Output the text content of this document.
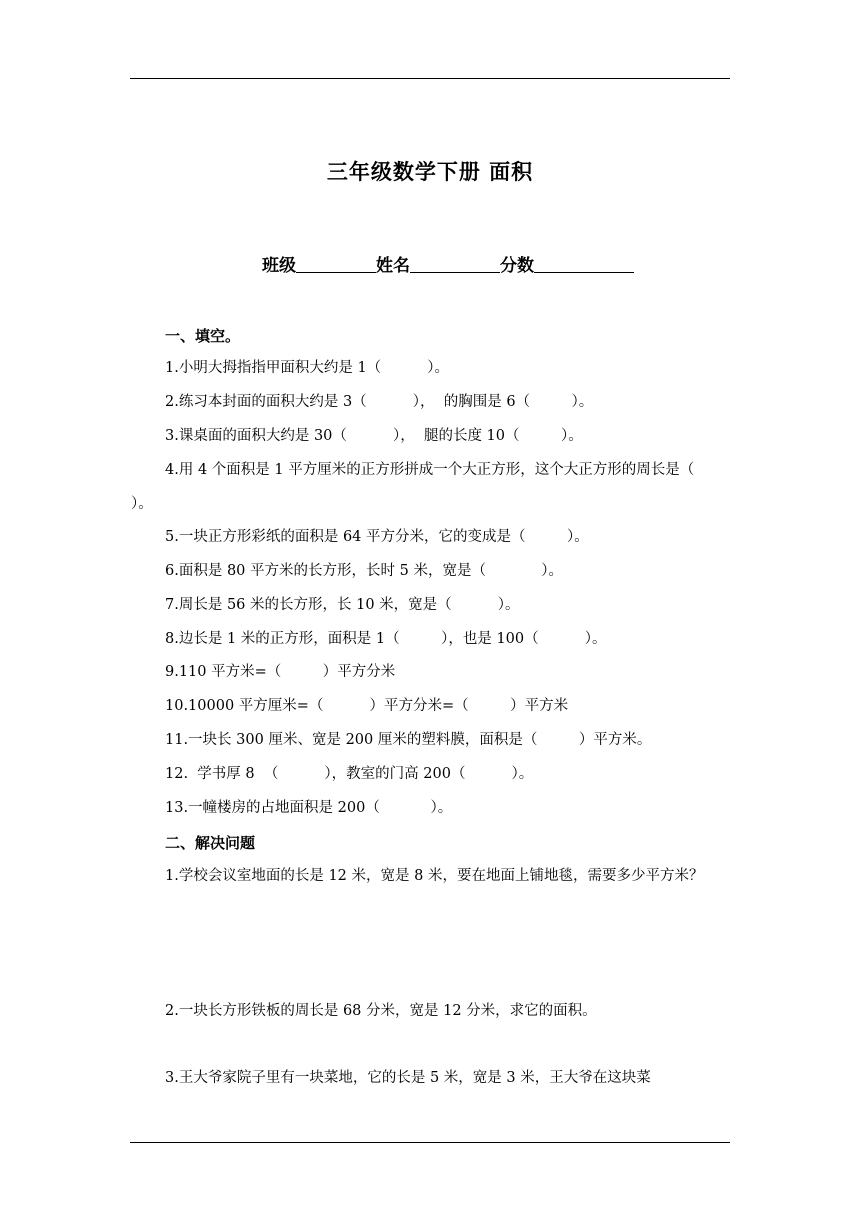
三年级数学下册 面积
班级	姓名	分数
一、填空。
1.小明大拇指指甲面积大约是 1（          ）。
2.练习本封面的面积大约是 3（          ），  的胸围是 6（         ）。
3.课桌面的面积大约是 30（          ），  腿的长度 10（         ）。
4.用 4 个面积是 1 平方厘米的正方形拼成一个大正方形，这个大正方形的周长是（         ）。
5.一块正方形彩纸的面积是 64 平方分米，它的变成是（         ）。
6.面积是 80 平方米的长方形，长时 5 米，宽是（            ）。
7.周长是 56 米的长方形，长 10 米，宽是（          ）。
8.边长是 1 米的正方形，面积是 1（         ），也是 100（          ）。
9.110 平方米=（         ）平方分米
10.10000 平方厘米=（          ）平方分米=（         ）平方米
11.一块长 300 厘米、宽是 200 厘米的塑料膜，面积是（         ）平方米。
12.  学书厚 8  （          ），教室的门高 200（          ）。
13.一幢楼房的占地面积是 200（           ）。
二、解决问题
1.学校会议室地面的长是 12 米，宽是 8 米，要在地面上铺地毯，需要多少平方米？
2.一块长方形铁板的周长是 68 分米，宽是 12 分米，求它的面积。
3.王大爷家院子里有一块菜地，它的长是 5 米，宽是 3 米，王大爷在这块菜
